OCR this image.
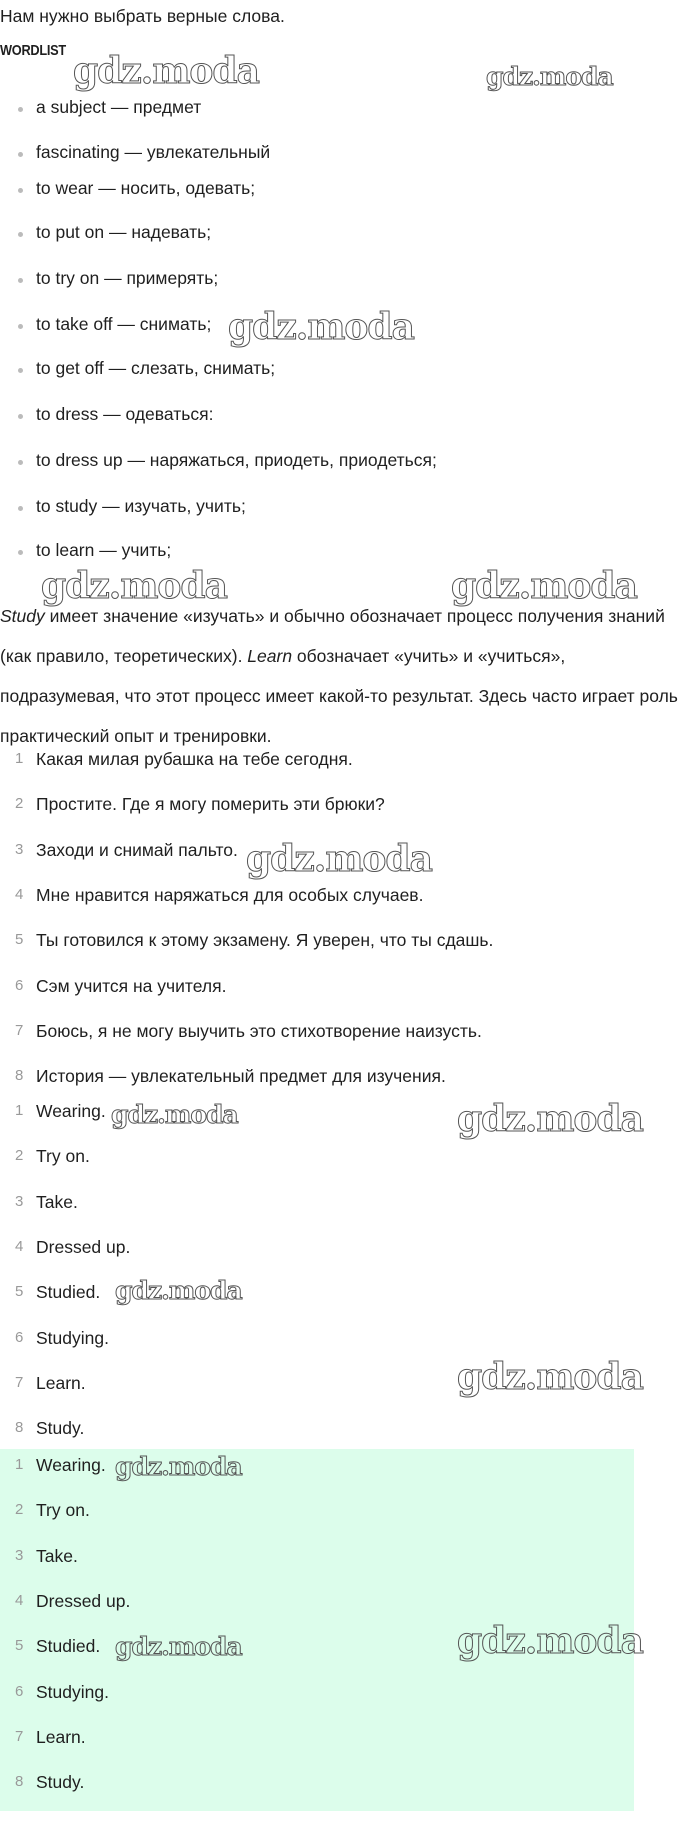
Нам нужно выбрать верные слова.
WORDLIST
a subject — предмет
fascinating — увлекательный
to wear — носить, одевать;
to put on — надевать;
to try on — примерять;
to take off — снимать;
to get off — слезать, снимать;
to dress — одеваться:
to dress up — наряжаться, приодеть, приодеться;
to study — изучать, учить;
to learn — учить;
Study имеет значение «изучать» и обычно обозначает процесс получения знаний (как правило, теоретических). Learn обозначает «учить» и «учиться», подразумевая, что этот процесс имеет какой-то результат. Здесь часто играет роль практический опыт и тренировки.
1 Какая милая рубашка на тебе сегодня.
2 Простите. Где я могу померить эти брюки?
3 Заходи и снимай пальто.
4 Мне нравится наряжаться для особых случаев.
5 Ты готовился к этому экзамену. Я уверен, что ты сдашь.
6 Сэм учится на учителя.
7 Боюсь, я не могу выучить это стихотворение наизусть.
8 История — увлекательный предмет для изучения.
1 Wearing.
2 Try on.
3 Take.
4 Dressed up.
5 Studied.
6 Studying.
7 Learn.
8 Study.
1 Wearing.
2 Try on.
3 Take.
4 Dressed up.
5 Studied.
6 Studying.
7 Learn.
8 Study.
gdz.moda	gdz.moda
gdz.moda
gdz.moda	gdz.moda
gdz.moda
gdz.moda	gdz.moda
gdz.moda
gdz.moda
gdz.moda
gdz.moda
gdz.moda
